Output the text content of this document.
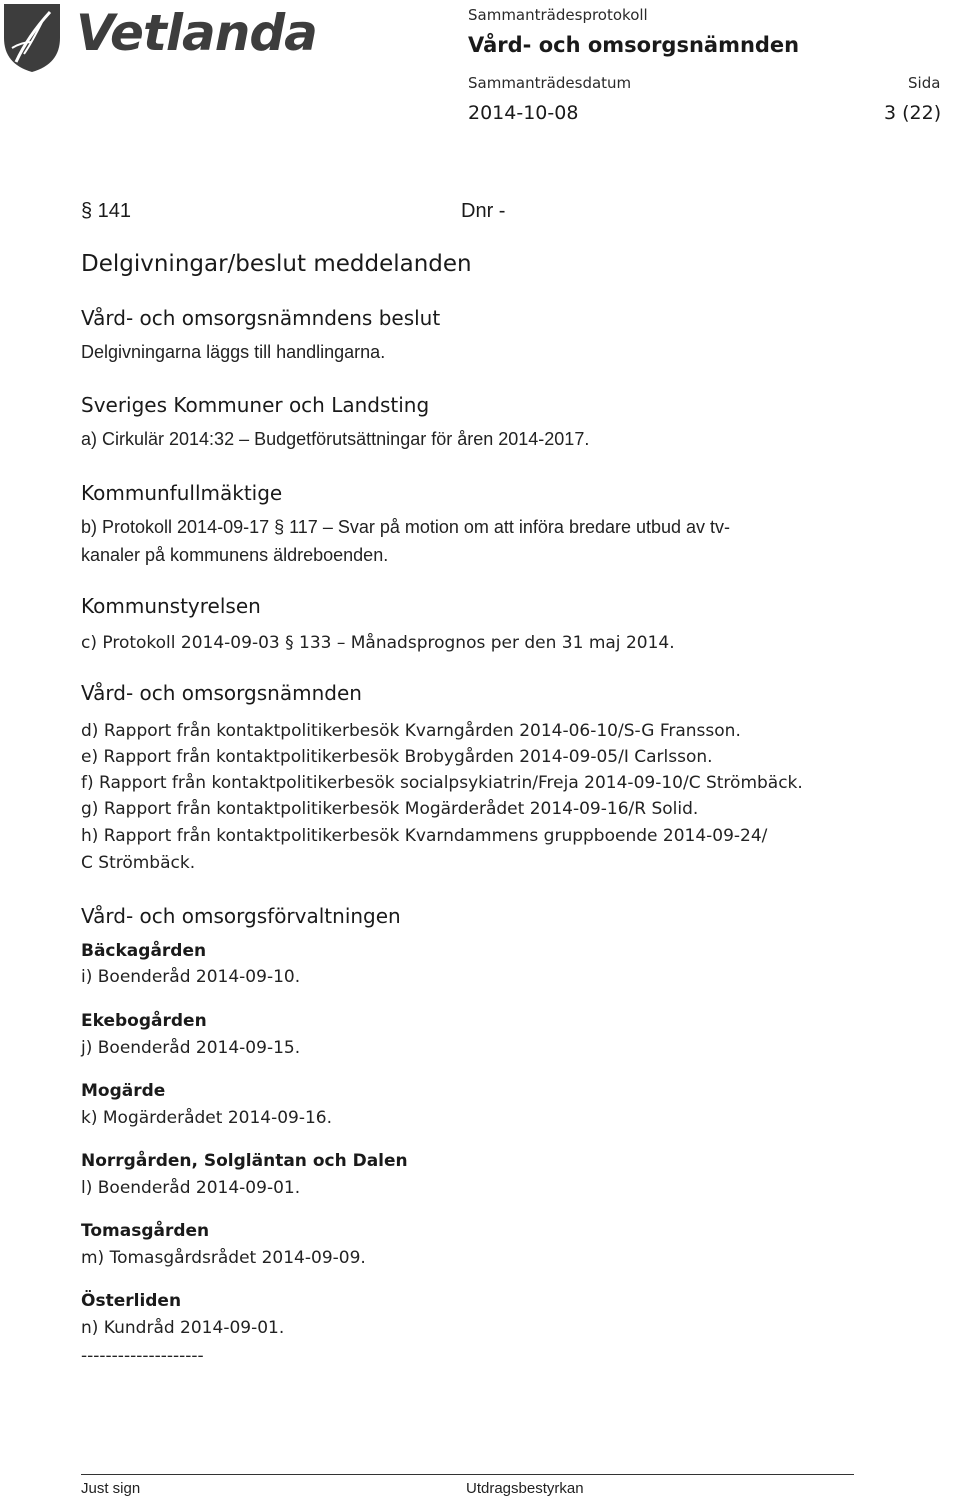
Vetlanda	Sammanträdesprotokoll
Vård- och omsorgsnämnden
Sammanträdesdatum	Sida
2014-10-08	3 (22)
§ 141	Dnr -
Delgivningar/beslut meddelanden
Vård- och omsorgsnämndens beslut
Delgivningarna läggs till handlingarna.
Sveriges Kommuner och Landsting
a) Cirkulär 2014:32 – Budgetförutsättningar för åren 2014-2017.
Kommunfullmäktige
b) Protokoll 2014-09-17 § 117 – Svar på motion om att införa bredare utbud av tv-
kanaler på kommunens äldreboenden.
Kommunstyrelsen
c) Protokoll 2014-09-03 § 133 – Månadsprognos per den 31 maj 2014.
Vård- och omsorgsnämnden
d) Rapport från kontaktpolitikerbesök Kvarngården 2014-06-10/S-G Fransson.
e) Rapport från kontaktpolitikerbesök Brobygården 2014-09-05/I Carlsson.
f) Rapport från kontaktpolitikerbesök socialpsykiatrin/Freja 2014-09-10/C Strömbäck.
g) Rapport från kontaktpolitikerbesök Mogärderådet 2014-09-16/R Solid.
h) Rapport från kontaktpolitikerbesök Kvarndammens gruppboende 2014-09-24/
C Strömbäck.
Vård- och omsorgsförvaltningen
Bäckagården
i) Boenderåd 2014-09-10.
Ekebogården
j) Boenderåd 2014-09-15.
Mogärde
k) Mogärderådet 2014-09-16.
Norrgården, Solgläntan och Dalen
l) Boenderåd 2014-09-01.
Tomasgården
m) Tomasgårdsrådet 2014-09-09.
Österliden
n) Kundråd 2014-09-01.
--------------------
Just sign	Utdragsbestyrkan
